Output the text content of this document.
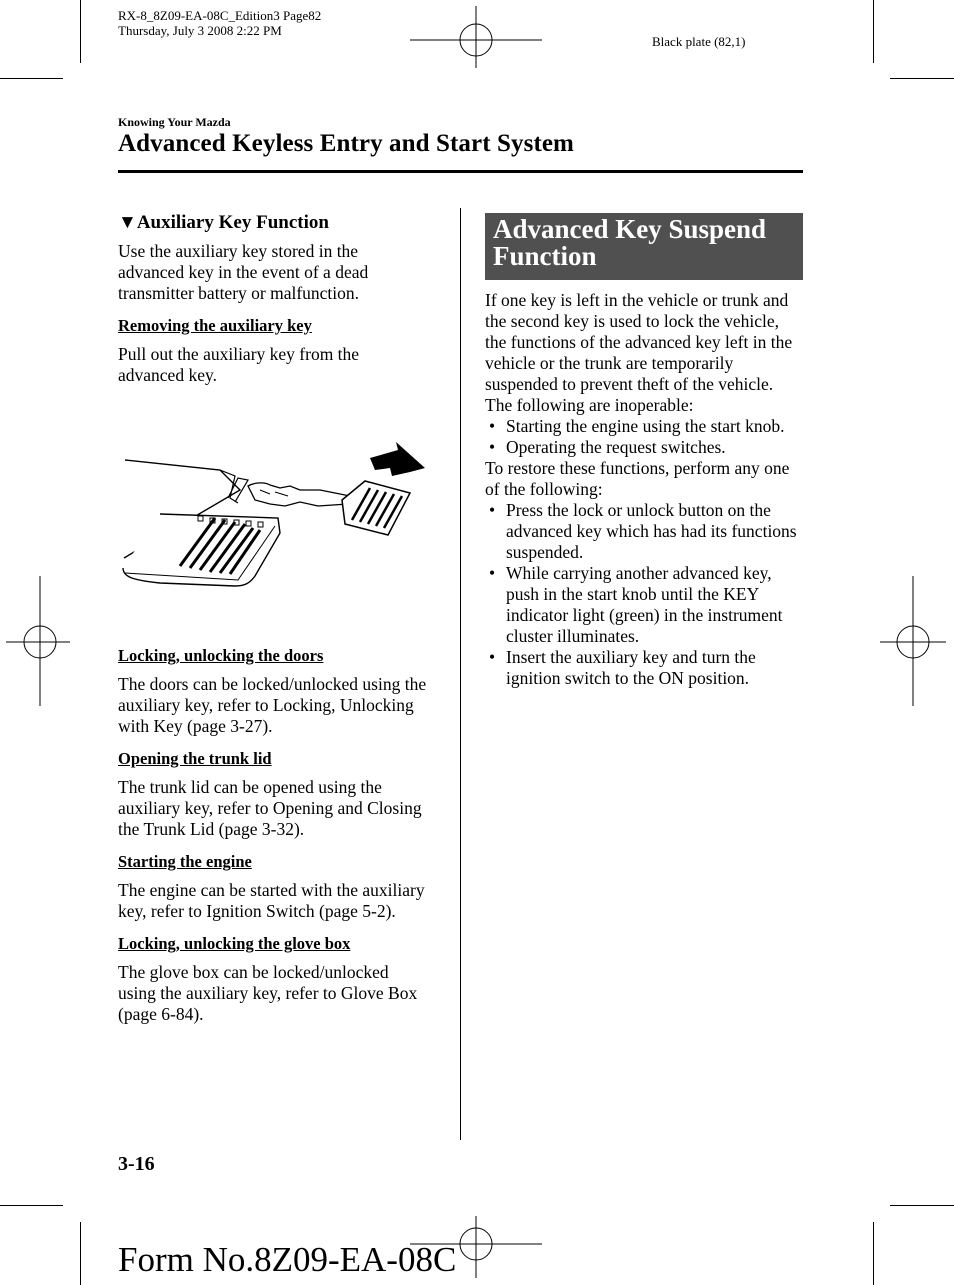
RX-8_8Z09-EA-08C_Edition3 Page82
Thursday, July 3 2008 2:22 PM
Black plate (82,1)
Knowing Your Mazda
Advanced Keyless Entry and Start System
▼Auxiliary Key Function

Use the auxiliary key stored in the advanced key in the event of a dead transmitter battery or malfunction.

Removing the auxiliary key

Pull out the auxiliary key from the advanced key.

Locking, unlocking the doors

The doors can be locked/unlocked using the auxiliary key, refer to Locking, Unlocking with Key (page 3-27).

Opening the trunk lid

The trunk lid can be opened using the auxiliary key, refer to Opening and Closing the Trunk Lid (page 3-32).

Starting the engine

The engine can be started with the auxiliary key, refer to Ignition Switch (page 5-2).

Locking, unlocking the glove box

The glove box can be locked/unlocked using the auxiliary key, refer to Glove Box (page 6-84).

Advanced Key Suspend Function

If one key is left in the vehicle or trunk and the second key is used to lock the vehicle, the functions of the advanced key left in the vehicle or the trunk are temporarily suspended to prevent theft of the vehicle.

The following are inoperable:

• Starting the engine using the start knob.
• Operating the request switches.

To restore these functions, perform any one of the following:

• Press the lock or unlock button on the advanced key which has had its functions suspended.
• While carrying another advanced key, push in the start knob until the KEY indicator light (green) in the instrument cluster illuminates.
• Insert the auxiliary key and turn the ignition switch to the ON position.
3-16
Form No.8Z09-EA-08C
